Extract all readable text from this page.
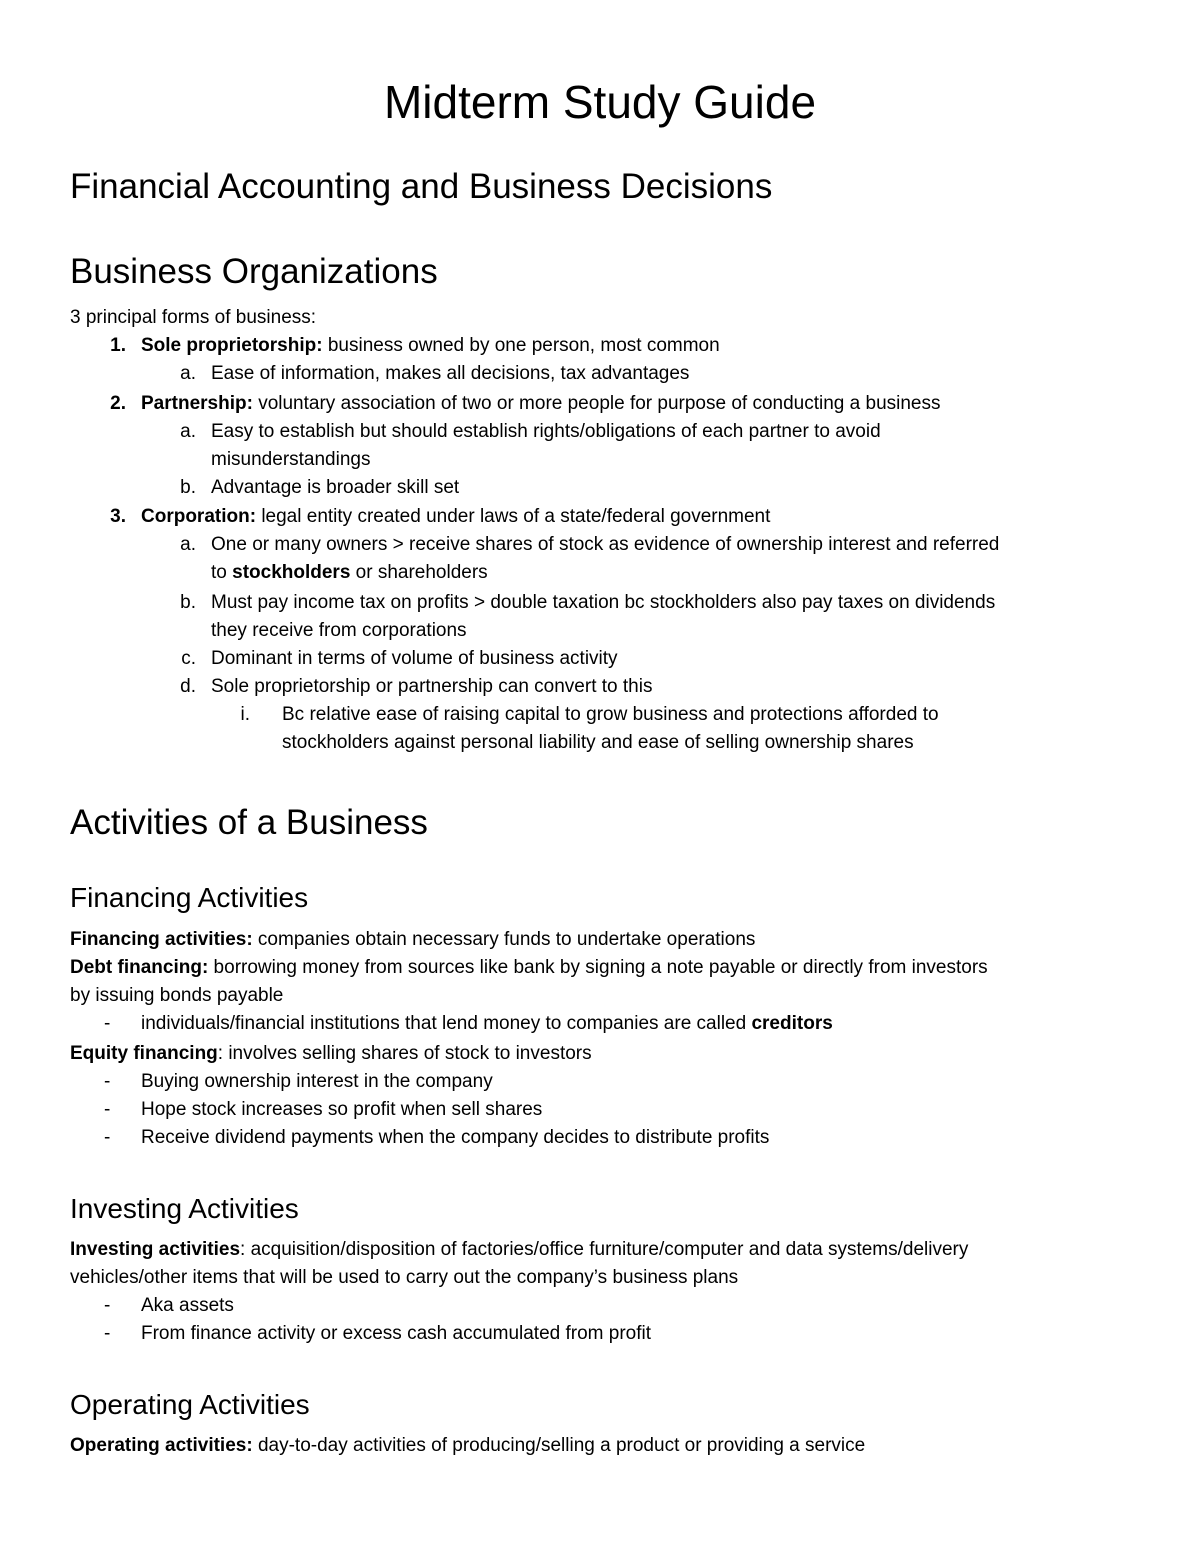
Midterm Study Guide
Financial Accounting and Business Decisions
Business Organizations
3 principal forms of business:
1. Sole proprietorship: business owned by one person, most common
a. Ease of information, makes all decisions, tax advantages
2. Partnership: voluntary association of two or more people for purpose of conducting a business
a. Easy to establish but should establish rights/obligations of each partner to avoid
misunderstandings
b. Advantage is broader skill set
3. Corporation: legal entity created under laws of a state/federal government
a. One or many owners > receive shares of stock as evidence of ownership interest and referred
to stockholders or shareholders
b. Must pay income tax on profits > double taxation bc stockholders also pay taxes on dividends
they receive from corporations
c. Dominant in terms of volume of business activity
d. Sole proprietorship or partnership can convert to this
i. Bc relative ease of raising capital to grow business and protections afforded to
stockholders against personal liability and ease of selling ownership shares
Activities of a Business
Financing Activities
Financing activities: companies obtain necessary funds to undertake operations
Debt financing: borrowing money from sources like bank by signing a note payable or directly from investors
by issuing bonds payable
- individuals/financial institutions that lend money to companies are called creditors
Equity financing: involves selling shares of stock to investors
- Buying ownership interest in the company
- Hope stock increases so profit when sell shares
- Receive dividend payments when the company decides to distribute profits
Investing Activities
Investing activities: acquisition/disposition of factories/office furniture/computer and data systems/delivery
vehicles/other items that will be used to carry out the company’s business plans
- Aka assets
- From finance activity or excess cash accumulated from profit
Operating Activities
Operating activities: day-to-day activities of producing/selling a product or providing a service
